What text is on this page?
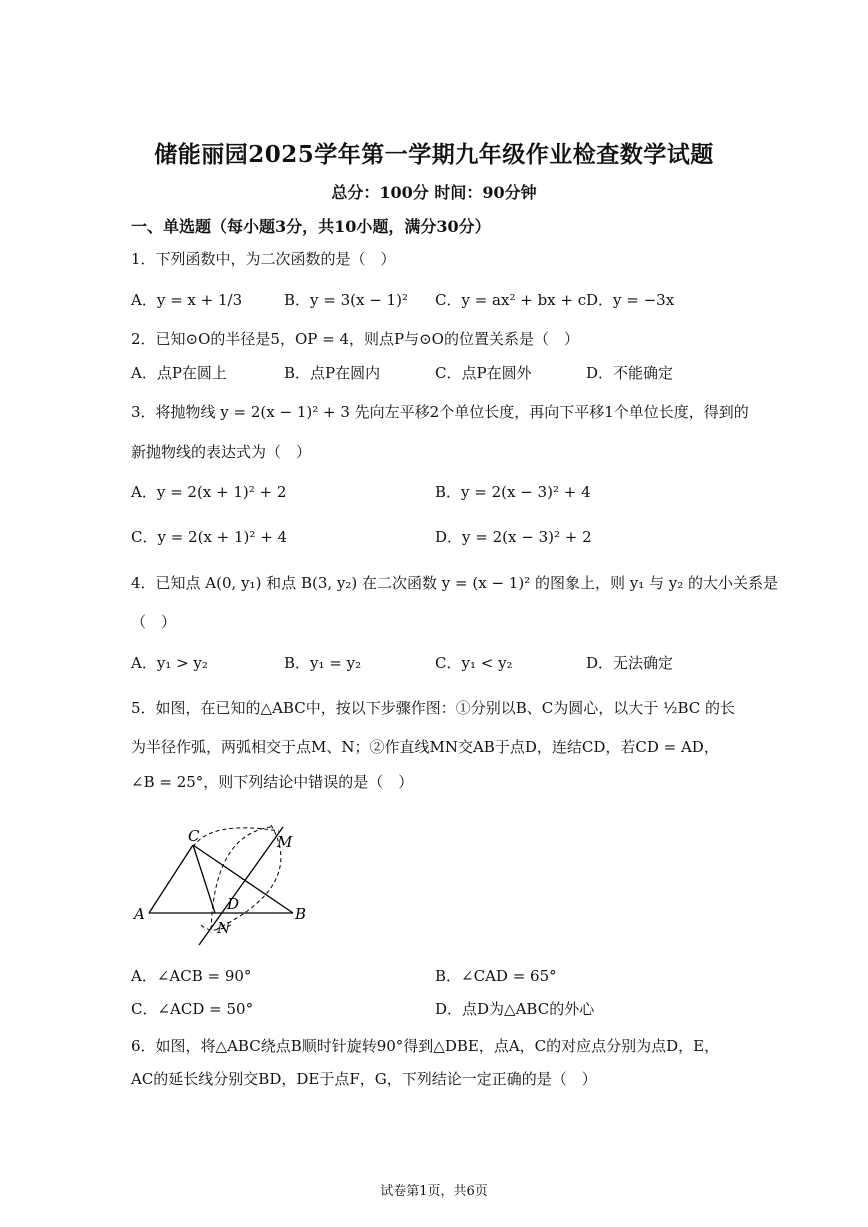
储能丽园2025学年第一学期九年级作业检查数学试题
总分：100分 时间：90分钟
一、单选题（每小题3分，共10小题，满分30分）
1．下列函数中，为二次函数的是（　）
A．y = x + 1/3	B．y = 3(x − 1)² C．y = ax² + bx + c D．y = −3x
2．已知⊙O的半径是5，OP = 4，则点P与⊙O的位置关系是（　）
A．点P在圆上	B．点P在圆内	C．点P在圆外	D．不能确定
3．将抛物线 y = 2(x − 1)² + 3 先向左平移2个单位长度，再向下平移1个单位长度，得到的
新抛物线的表达式为（　）
A．y = 2(x + 1)² + 2	B．y = 2(x − 3)² + 4
C．y = 2(x + 1)² + 4	D．y = 2(x − 3)² + 2
4．已知点 A(0, y₁) 和点 B(3, y₂) 在二次函数 y = (x − 1)² 的图象上，则 y₁ 与 y₂ 的大小关系是
（　）
A．y₁ > y₂	B．y₁ = y₂	C．y₁ < y₂	D．无法确定
5．如图，在已知的△ABC中，按以下步骤作图：①分别以B、C为圆心，以大于 ½BC 的长
为半径作弧，两弧相交于点M、N；②作直线MN交AB于点D，连结CD，若CD = AD，
∠B = 25°，则下列结论中错误的是（　）
C
A	B
D
M
N
A．∠ACB = 90°	B．∠CAD = 65°
C．∠ACD = 50°	D．点D为△ABC的外心
6．如图，将△ABC绕点B顺时针旋转90°得到△DBE，点A，C的对应点分别为点D，E，
AC的延长线分别交BD，DE于点F，G，下列结论一定正确的是（　）
试卷第1页，共6页
